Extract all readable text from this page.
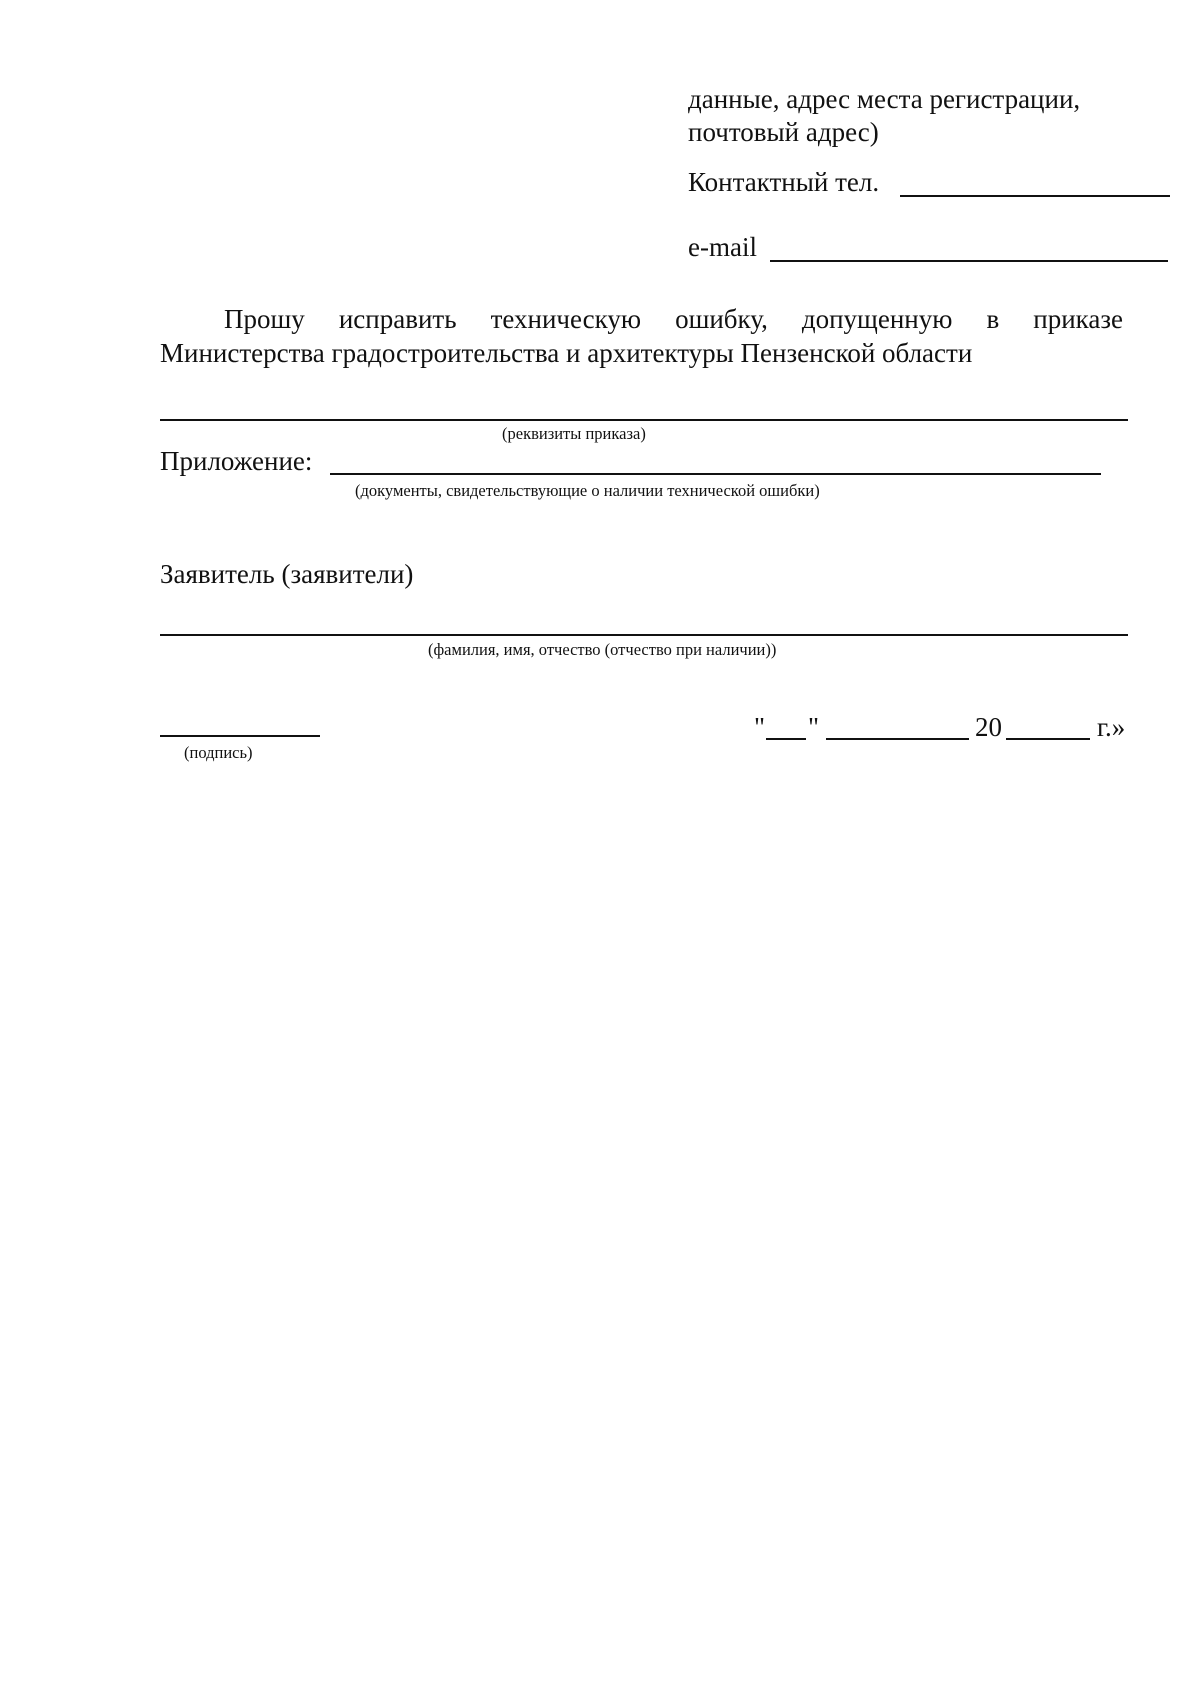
данные, адрес места регистрации,
почтовый адрес)
Контактный тел.
e-mail
Прошу исправить техническую ошибку, допущенную в приказе
Министерства градостроительства и архитектуры Пензенской области
(реквизиты приказа)
Приложение:
(документы, свидетельствующие о наличии технической ошибки)
Заявитель (заявители)
(фамилия, имя, отчество (отчество при наличии))
(подпись)
" "	20	г.»
